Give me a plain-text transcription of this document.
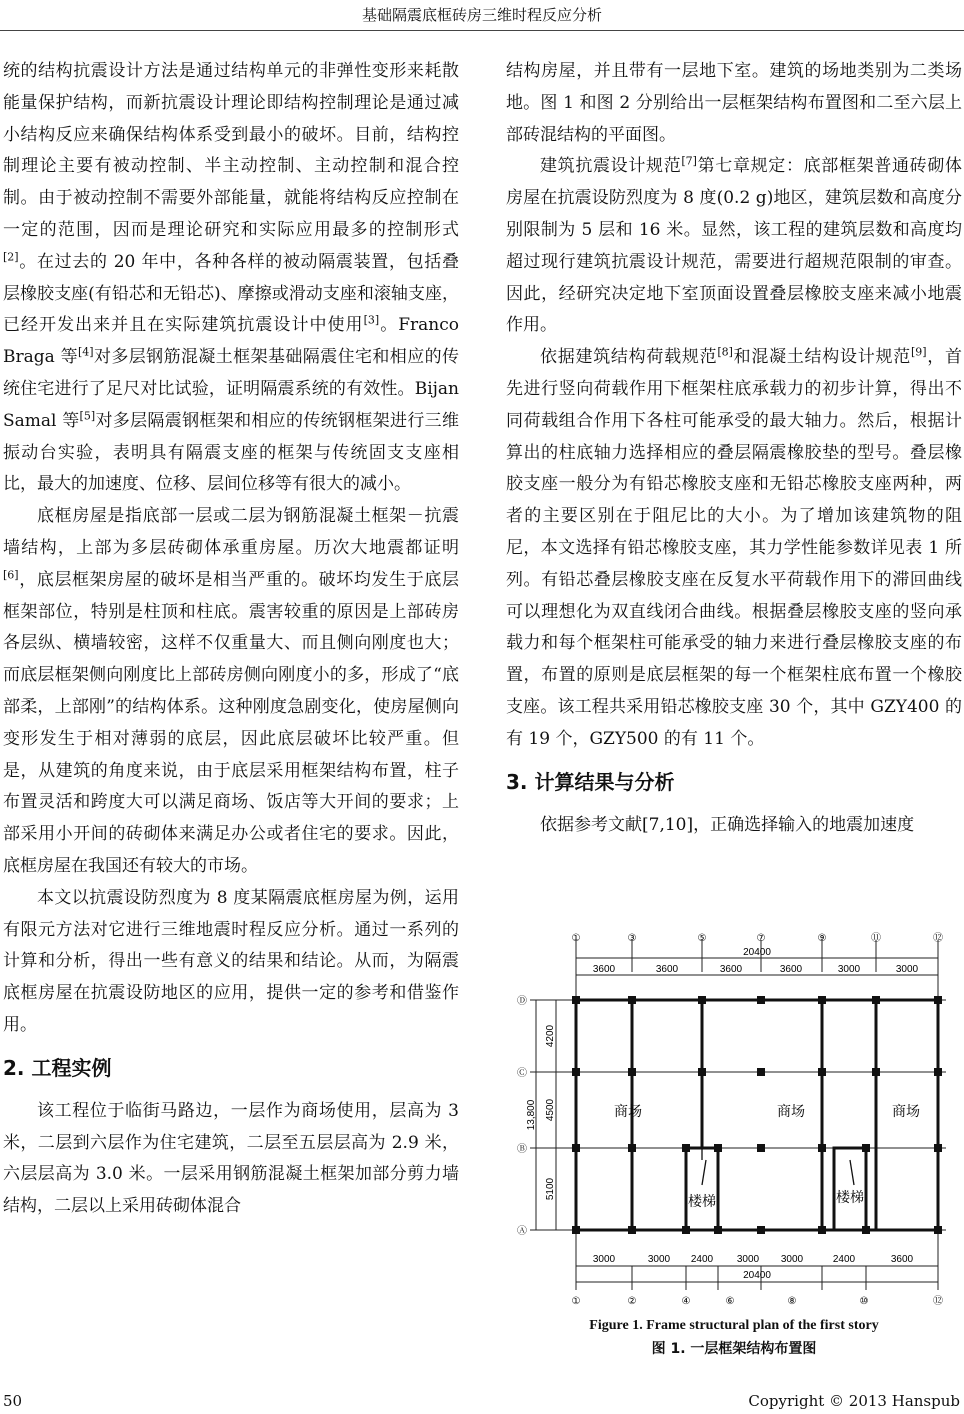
基础隔震底框砖房三维时程反应分析

统的结构抗震设计方法是通过结构单元的非弹性变形来耗散能量保护结构，而新抗震设计理论即结构控制理论是通过减小结构反应来确保结构体系受到最小的破坏。目前，结构控制理论主要有被动控制、半主动控制、主动控制和混合控制。由于被动控制不需要外部能量，就能将结构反应控制在一定的范围，因而是理论研究和实际应用最多的控制形式[2]。在过去的 20 年中，各种各样的被动隔震装置，包括叠层橡胶支座(有铅芯和无铅芯)、摩擦或滑动支座和滚轴支座，已经开发出来并且在实际建筑抗震设计中使用[3]。Franco Braga 等[4]对多层钢筋混凝土框架基础隔震住宅和相应的传统住宅进行了足尺对比试验，证明隔震系统的有效性。Bijan Samal 等[5]对多层隔震钢框架和相应的传统钢框架进行三维振动台实验，表明具有隔震支座的框架与传统固支支座相比，最大的加速度、位移、层间位移等有很大的减小。

底框房屋是指底部一层或二层为钢筋混凝土框架－抗震墙结构，上部为多层砖砌体承重房屋。历次大地震都证明[6]，底层框架房屋的破坏是相当严重的。破坏均发生于底层框架部位，特别是柱顶和柱底。震害较重的原因是上部砖房各层纵、横墙较密，这样不仅重量大、而且侧向刚度也大；而底层框架侧向刚度比上部砖房侧向刚度小的多，形成了“底部柔，上部刚”的结构体系。这种刚度急剧变化，使房屋侧向变形发生于相对薄弱的底层，因此底层破坏比较严重。但是，从建筑的角度来说，由于底层采用框架结构布置，柱子布置灵活和跨度大可以满足商场、饭店等大开间的要求；上部采用小开间的砖砌体来满足办公或者住宅的要求。因此，底框房屋在我国还有较大的市场。

本文以抗震设防烈度为 8 度某隔震底框房屋为例，运用有限元方法对它进行三维地震时程反应分析。通过一系列的计算和分析，得出一些有意义的结果和结论。从而，为隔震底框房屋在抗震设防地区的应用，提供一定的参考和借鉴作用。

2. 工程实例

该工程位于临街马路边，一层作为商场使用，层高为 3 米，二层到六层作为住宅建筑，二层至五层层高为 2.9 米，六层层高为 3.0 米。一层采用钢筋混凝土框架加部分剪力墙结构，二层以上采用砖砌体混合

结构房屋，并且带有一层地下室。建筑的场地类别为二类场地。图 1 和图 2 分别给出一层框架结构布置图和二至六层上部砖混结构的平面图。

建筑抗震设计规范[7]第七章规定：底部框架普通砖砌体房屋在抗震设防烈度为 8 度(0.2 g)地区，建筑层数和高度分别限制为 5 层和 16 米。显然，该工程的建筑层数和高度均超过现行建筑抗震设计规范，需要进行超规范限制的审查。因此，经研究决定地下室顶面设置叠层橡胶支座来减小地震作用。

依据建筑结构荷载规范[8]和混凝土结构设计规范[9]，首先进行竖向荷载作用下框架柱底承载力的初步计算，得出不同荷载组合作用下各柱可能承受的最大轴力。然后，根据计算出的柱底轴力选择相应的叠层隔震橡胶垫的型号。叠层橡胶支座一般分为有铅芯橡胶支座和无铅芯橡胶支座两种，两者的主要区别在于阻尼比的大小。为了增加该建筑物的阻尼，本文选择有铅芯橡胶支座，其力学性能参数详见表 1 所列。有铅芯叠层橡胶支座在反复水平荷载作用下的滞回曲线可以理想化为双直线闭合曲线。根据叠层橡胶支座的竖向承载力和每个框架柱可能承受的轴力来进行叠层橡胶支座的布置，布置的原则是底层框架的每一个框架柱底布置一个橡胶支座。该工程共采用铅芯橡胶支座 30 个，其中 GZY400 的有 19 个，GZY500 的有 11 个。

3. 计算结果与分析

依据参考文献[7,10]，正确选择输入的地震加速度

①	③	⑤	⑦	⑨	⑪	⑫
20400
3600	3600	3600	3600	3000	3000
Ⓓ
Ⓒ
Ⓑ
Ⓐ
4200
4500
5100
13,800	商场	商场	商场
楼梯	楼梯
3000	3000 2400 3000 3000	2400	3600
20400
①	②	④	⑥	⑧	⑩	⑫
Figure 1. Frame structural plan of the first story
图 1. 一层框架结构布置图
50	Copyright © 2013 Hanspub
